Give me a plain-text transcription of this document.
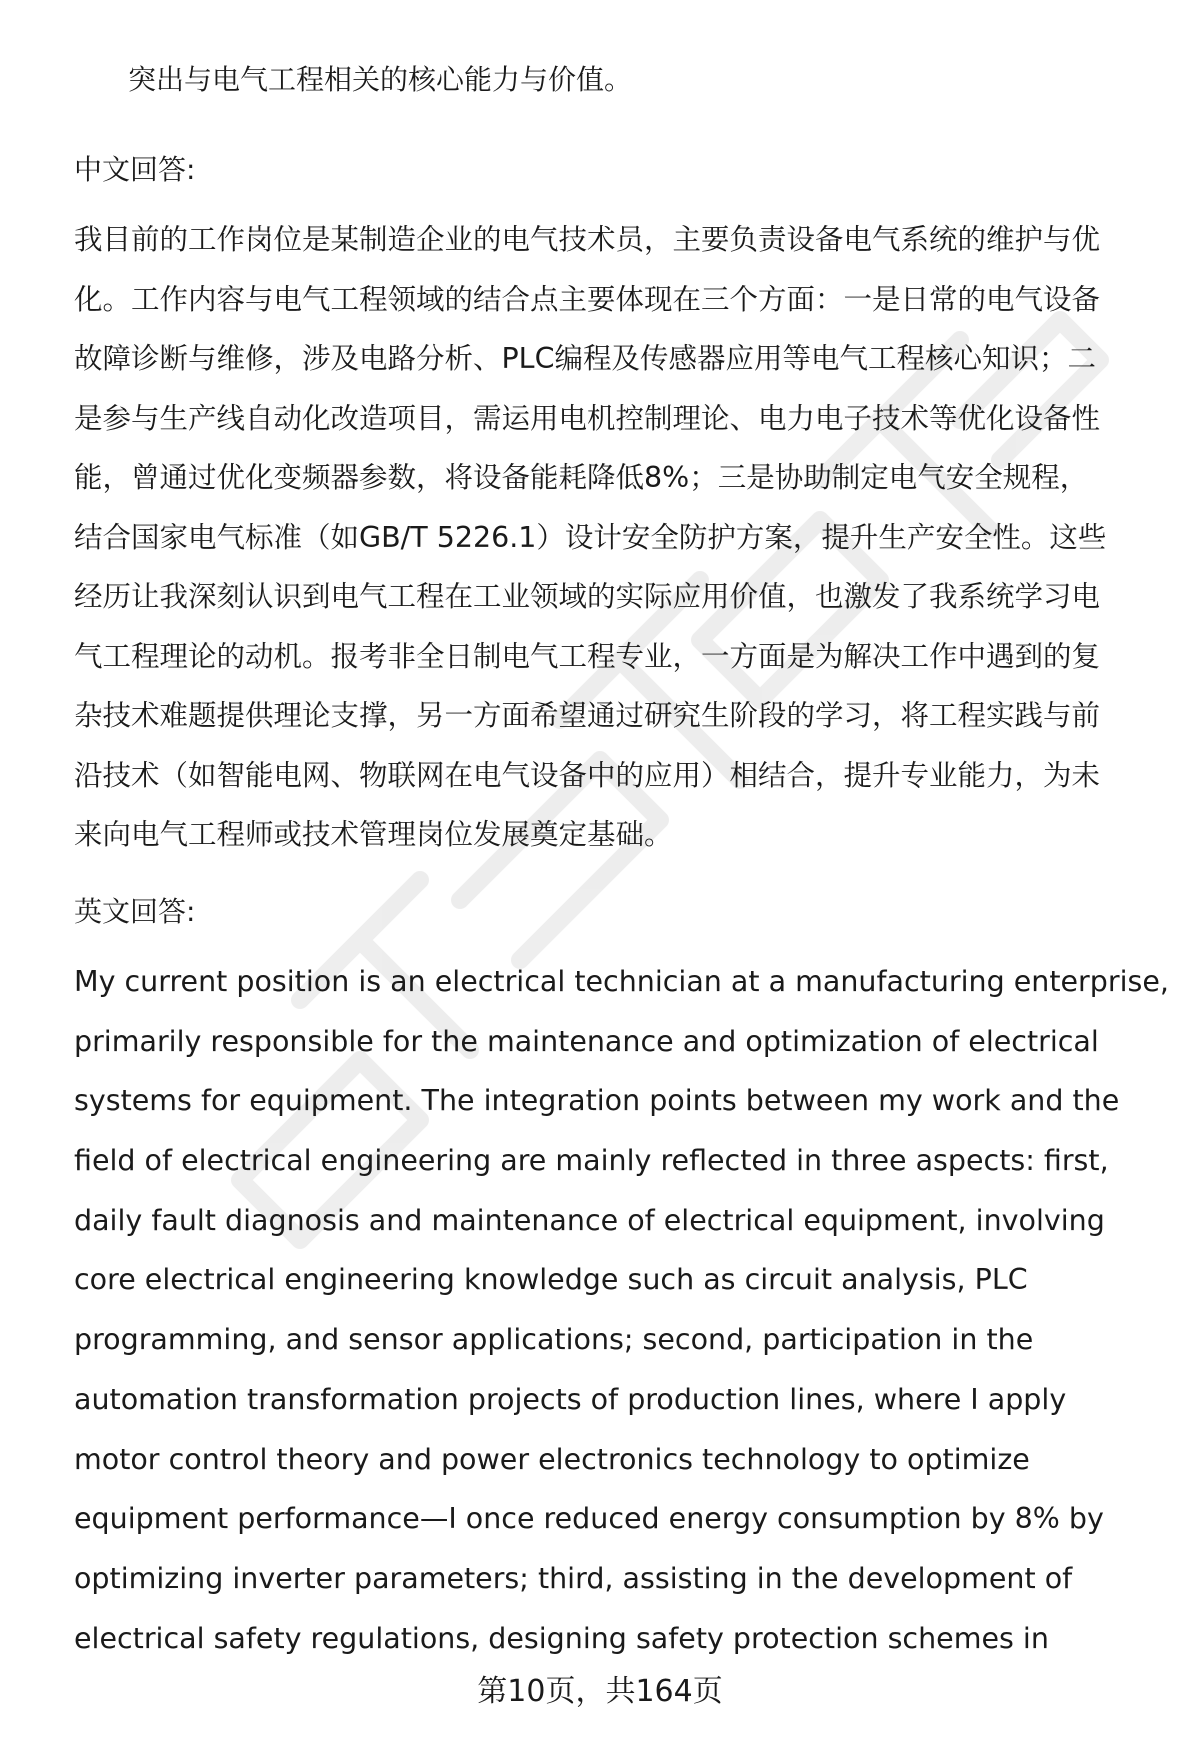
突出与电气工程相关的核心能力与价值。
中文回答:
我目前的工作岗位是某制造企业的电气技术员，主要负责设备电气系统的维护与优
化。工作内容与电气工程领域的结合点主要体现在三个方面：一是日常的电气设备
故障诊断与维修，涉及电路分析、PLC编程及传感器应用等电气工程核心知识；二
是参与生产线自动化改造项目，需运用电机控制理论、电力电子技术等优化设备性
能，曾通过优化变频器参数，将设备能耗降低8%；三是协助制定电气安全规程，
结合国家电气标准（如GB/T 5226.1）设计安全防护方案，提升生产安全性。这些
经历让我深刻认识到电气工程在工业领域的实际应用价值，也激发了我系统学习电
气工程理论的动机。报考非全日制电气工程专业，一方面是为解决工作中遇到的复
杂技术难题提供理论支撑，另一方面希望通过研究生阶段的学习，将工程实践与前
沿技术（如智能电网、物联网在电气设备中的应用）相结合，提升专业能力，为未
来向电气工程师或技术管理岗位发展奠定基础。
英文回答:
My current position is an electrical technician at a manufacturing enterprise,
primarily responsible for the maintenance and optimization of electrical
systems for equipment. The integration points between my work and the
field of electrical engineering are mainly reflected in three aspects: first,
daily fault diagnosis and maintenance of electrical equipment, involving
core electrical engineering knowledge such as circuit analysis, PLC
programming, and sensor applications; second, participation in the
automation transformation projects of production lines, where I apply
motor control theory and power electronics technology to optimize
equipment performance—I once reduced energy consumption by 8% by
optimizing inverter parameters; third, assisting in the development of
electrical safety regulations, designing safety protection schemes in
第10页，共164页
